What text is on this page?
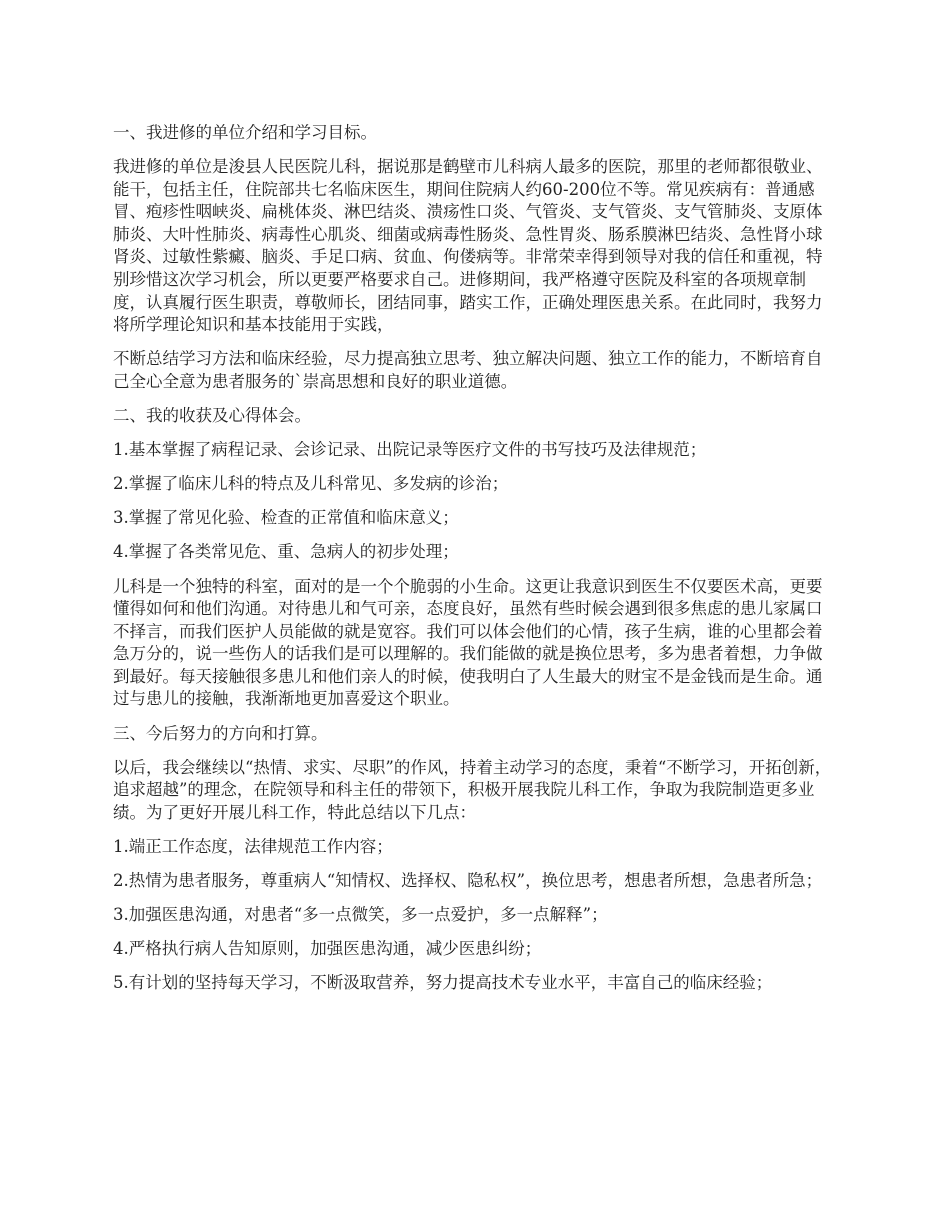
一、我进修的单位介绍和学习目标。

我进修的单位是浚县人民医院儿科，据说那是鹤壁市儿科病人最多的医院，那里的老师都很敬业、能干，包括主任，住院部共七名临床医生，期间住院病人约60-200位不等。常见疾病有：普通感冒、疱疹性咽峡炎、扁桃体炎、淋巴结炎、溃疡性口炎、气管炎、支气管炎、支气管肺炎、支原体肺炎、大叶性肺炎、病毒性心肌炎、细菌或病毒性肠炎、急性胃炎、肠系膜淋巴结炎、急性肾小球肾炎、过敏性紫癜、脑炎、手足口病、贫血、佝偻病等。非常荣幸得到领导对我的信任和重视，特别珍惜这次学习机会，所以更要严格要求自己。进修期间，我严格遵守医院及科室的各项规章制度，认真履行医生职责，尊敬师长，团结同事，踏实工作，正确处理医患关系。在此同时，我努力将所学理论知识和基本技能用于实践，

不断总结学习方法和临床经验，尽力提高独立思考、独立解决问题、独立工作的能力，不断培育自己全心全意为患者服务的`崇高思想和良好的职业道德。

二、我的收获及心得体会。

1.基本掌握了病程记录、会诊记录、出院记录等医疗文件的书写技巧及法律规范；

2.掌握了临床儿科的特点及儿科常见、多发病的诊治；

3.掌握了常见化验、检查的正常值和临床意义；

4.掌握了各类常见危、重、急病人的初步处理；

儿科是一个独特的科室，面对的是一个个脆弱的小生命。这更让我意识到医生不仅要医术高，更要懂得如何和他们沟通。对待患儿和气可亲，态度良好，虽然有些时候会遇到很多焦虑的患儿家属口不择言，而我们医护人员能做的就是宽容。我们可以体会他们的心情，孩子生病，谁的心里都会着急万分的，说一些伤人的话我们是可以理解的。我们能做的就是换位思考，多为患者着想，力争做到最好。每天接触很多患儿和他们亲人的时候，使我明白了人生最大的财宝不是金钱而是生命。通过与患儿的接触，我渐渐地更加喜爱这个职业。

三、今后努力的方向和打算。

以后，我会继续以“热情、求实、尽职”的作风，持着主动学习的态度，秉着“不断学习，开拓创新，追求超越”的理念，在院领导和科主任的带领下，积极开展我院儿科工作，争取为我院制造更多业绩。为了更好开展儿科工作，特此总结以下几点：

1.端正工作态度，法律规范工作内容；

2.热情为患者服务，尊重病人“知情权、选择权、隐私权”，换位思考，想患者所想，急患者所急；

3.加强医患沟通，对患者“多一点微笑，多一点爱护，多一点解释”；

4.严格执行病人告知原则，加强医患沟通，减少医患纠纷；

5.有计划的坚持每天学习，不断汲取营养，努力提高技术专业水平，丰富自己的临床经验；
